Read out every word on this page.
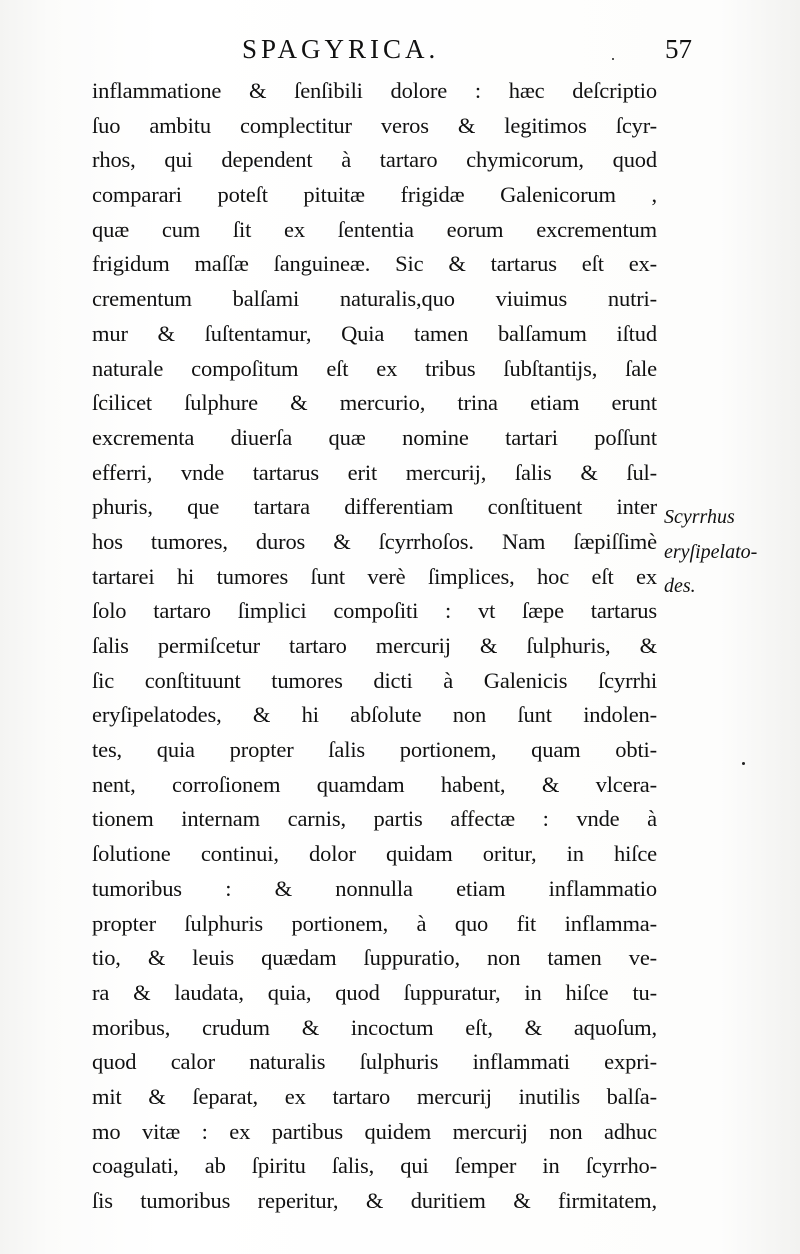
SPAGYRICA.	57
inflammatione & ſenſibili dolore : hæc deſcriptio
ſuo ambitu complectitur veros & legitimos ſcyr-
rhos, qui dependent à tartaro chymicorum, quod
comparari poteſt pituitæ frigidæ Galenicorum ,
quæ cum ſit ex ſententia eorum excrementum
frigidum maſſæ ſanguineæ. Sic & tartarus eſt ex-
crementum balſami naturalis,quo viuimus nutri-
mur & ſuſtentamur, Quia tamen balſamum iſtud
naturale compoſitum eſt ex tribus ſubſtantijs, ſale
ſcilicet ſulphure & mercurio, trina etiam erunt
excrementa diuerſa quæ nomine tartari poſſunt
efferri, vnde tartarus erit mercurij, ſalis & ſul-
phuris, que tartara differentiam conſtituent inter
hos tumores, duros & ſcyrrhoſos. Nam ſæpiſſimè
tartarei hi tumores ſunt verè ſimplices, hoc eſt ex
ſolo tartaro ſimplici compoſiti : vt ſæpe tartarus
ſalis permiſcetur tartaro mercurij & ſulphuris, &
ſic conſtituunt tumores dicti à Galenicis ſcyrrhi
eryſipelatodes, & hi abſolute non ſunt indolen-
tes, quia propter ſalis portionem, quam obti-
nent, corroſionem quamdam habent, & vlcera-
tionem internam carnis, partis affectæ : vnde à
ſolutione continui, dolor quidam oritur, in hiſce
tumoribus : & nonnulla etiam inflammatio
propter ſulphuris portionem, à quo fit inflamma-
tio, & leuis quædam ſuppuratio, non tamen ve-
ra & laudata, quia, quod ſuppuratur, in hiſce tu-
moribus, crudum & incoctum eſt, & aquoſum,
quod calor naturalis ſulphuris inflammati expri-
mit & ſeparat, ex tartaro mercurij inutilis balſa-
mo vitæ : ex partibus quidem mercurij non adhuc
coagulati, ab ſpiritu ſalis, qui ſemper in ſcyrrho-
ſis tumoribus reperitur, & duritiem & firmitatem,
Scyrrhus
eryſipelato-
des.
